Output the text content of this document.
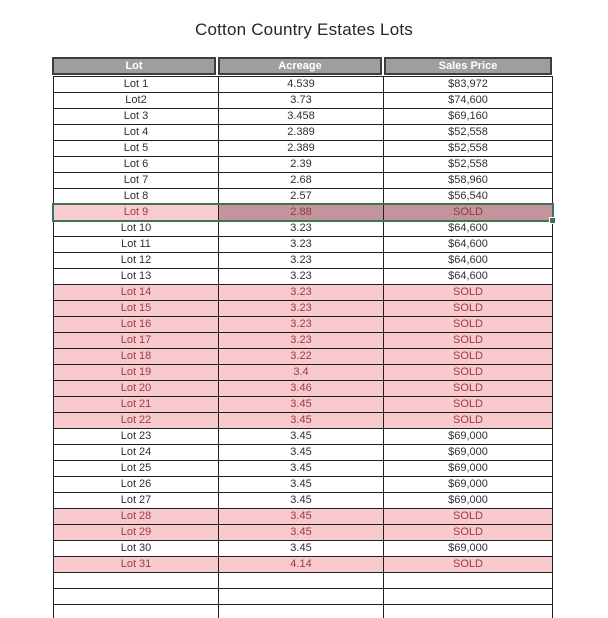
Cotton Country Estates Lots
Lot	Acreage	Sales Price
Lot 1	4.539	$83,972
Lot2	3.73	$74,600
Lot 3	3.458	$69,160
Lot 4	2.389	$52,558
Lot 5	2.389	$52,558
Lot 6	2.39	$52,558
Lot 7	2.68	$58,960
Lot 8	2.57	$56,540
Lot 9	2.88	SOLD
Lot 10	3.23	$64,600
Lot 11	3.23	$64,600
Lot 12	3.23	$64,600
Lot 13	3.23	$64,600
Lot 14	3.23	SOLD
Lot 15	3.23	SOLD
Lot 16	3.23	SOLD
Lot 17	3.23	SOLD
Lot 18	3.22	SOLD
Lot 19	3.4	SOLD
Lot 20	3.46	SOLD
Lot 21	3.45	SOLD
Lot 22	3.45	SOLD
Lot 23	3.45	$69,000
Lot 24	3.45	$69,000
Lot 25	3.45	$69,000
Lot 26	3.45	$69,000
Lot 27	3.45	$69,000
Lot 28	3.45	SOLD
Lot 29	3.45	SOLD
Lot 30	3.45	$69,000
Lot 31	4.14	SOLD
